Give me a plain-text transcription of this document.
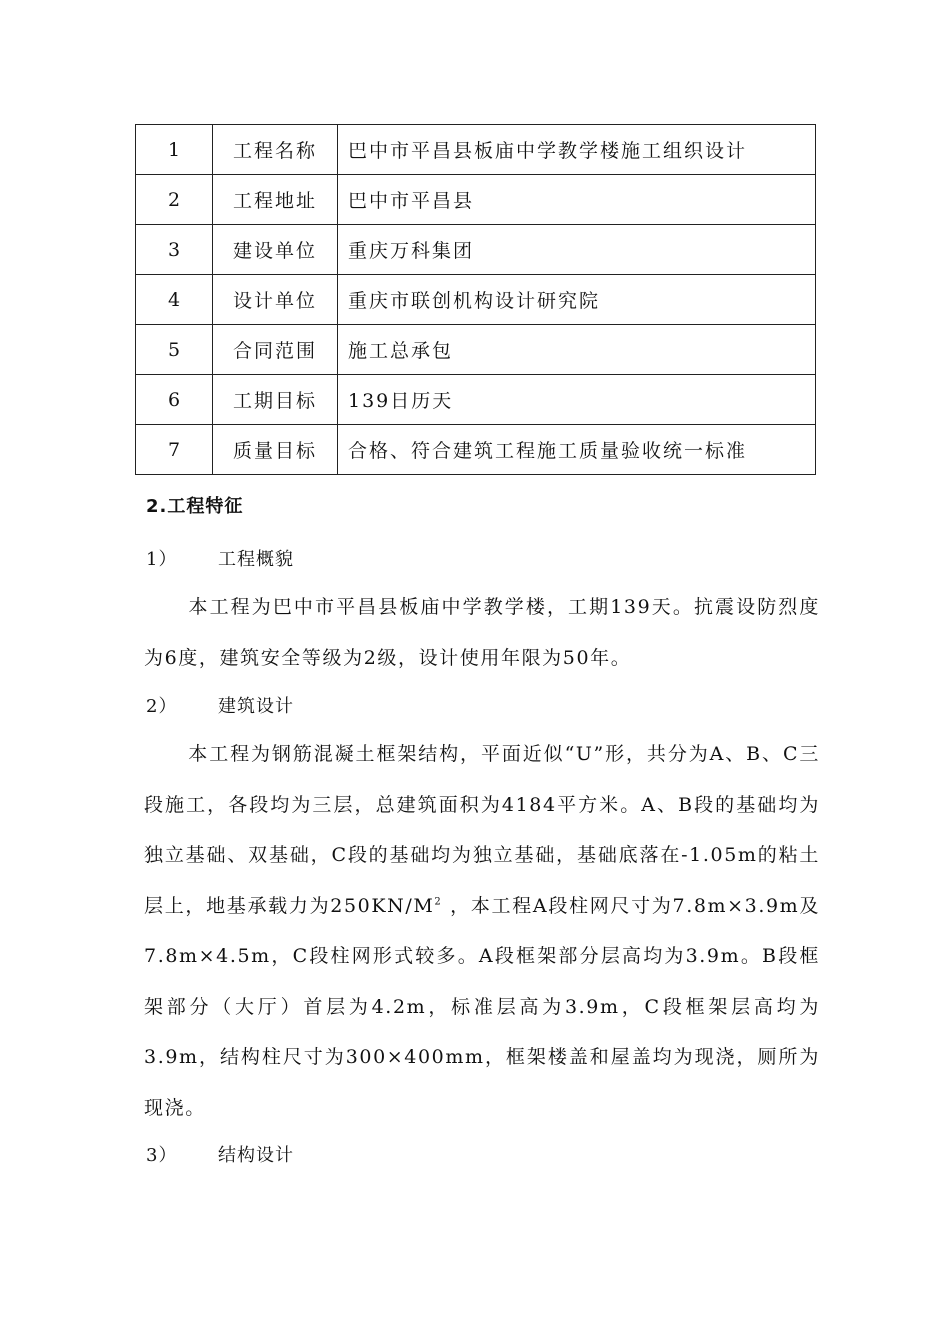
1	工程名称	巴中市平昌县板庙中学教学楼施工组织设计
2	工程地址	巴中市平昌县
3	建设单位	重庆万科集团
4	设计单位	重庆市联创机构设计研究院
5	合同范围	施工总承包
6	工期目标	139日历天
7	质量目标	合格、符合建筑工程施工质量验收统一标准
2.工程特征
1） 工程概貌

本工程为巴中市平昌县板庙中学教学楼，工期139天。抗震设防烈度为6度，建筑安全等级为2级，设计使用年限为50年。

2） 建筑设计

本工程为钢筋混凝土框架结构，平面近似“U”形，共分为A、B、C三段施工，各段均为三层，总建筑面积为4184平方米。A、B段的基础均为独立基础、双基础，C段的基础均为独立基础，基础底落在-1.05m的粘土层上，地基承载力为$250KN/M^2$ ，本工程A段柱网尺寸为7.8m×3.9m及7.8m×4.5m，C段柱网形式较多。A段框架部分层高均为3.9m。B段框架部分（大厅）首层为4.2m，标准层高为3.9m，C段框架层高均为3.9m，结构柱尺寸为300×400mm，框架楼盖和屋盖均为现浇，厕所为现浇。

3） 结构设计
